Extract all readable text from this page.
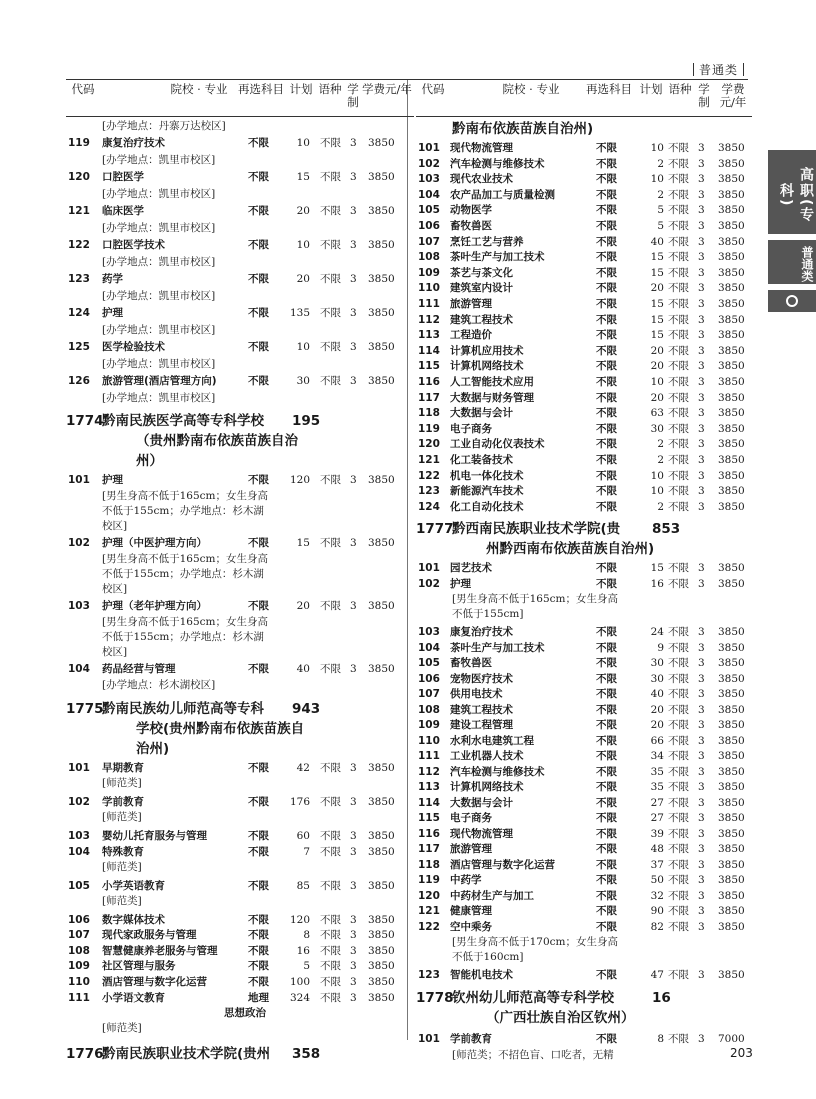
普通类
高职(专科)
普通类
代码	院校 · 专业 再选科目 计划 语种 学制
学费元/年
[办学地点：丹寨万达校区]
119	康复治疗技术	不限	10 不限 3 3850
[办学地点：凯里市校区]
120	口腔医学	不限	15 不限 3 3850
[办学地点：凯里市校区]
121	临床医学	不限	20 不限 3 3850
[办学地点：凯里市校区]
122	口腔医学技术	不限	10 不限 3 3850
[办学地点：凯里市校区]
123	药学	不限	20 不限 3 3850
[办学地点：凯里市校区]
124	护理	不限	135 不限 3 3850
[办学地点：凯里市校区]
125	医学检验技术	不限	10 不限 3 3850
[办学地点：凯里市校区]
126	旅游管理(酒店管理方向)	不限	30 不限 3 3850
[办学地点：凯里市校区]
黔南民族医学高等专科学校
（贵州黔南布依族苗族自治
州）
1774	195
101	护理	不限	120 不限 3 3850
[男生身高不低于165cm；女生身高
不低于155cm；办学地点：杉木湖
校区]
102	护理（中医护理方向）	不限	15 不限 3 3850
[男生身高不低于165cm；女生身高
不低于155cm；办学地点：杉木湖
校区]
103	护理（老年护理方向）	不限	20 不限 3 3850
[男生身高不低于165cm；女生身高
不低于155cm；办学地点：杉木湖
校区]
104	药品经营与管理	不限	40 不限 3 3850
[办学地点：杉木湖校区]
黔南民族幼儿师范高等专科
学校(贵州黔南布依族苗族自
治州)
1775	943
101	早期教育	不限	42 不限 3 3850
[师范类]
102	学前教育	不限	176 不限 3 3850
[师范类]
103	婴幼儿托育服务与管理	不限	60 不限 3 3850
104	特殊教育	不限	7 不限 3 3850
[师范类]
105	小学英语教育	不限	85 不限 3 3850
[师范类]
106	数字媒体技术	不限	120 不限 3 3850
107	现代家政服务与管理	不限	8 不限 3 3850
108	智慧健康养老服务与管理	不限	16 不限 3 3850
109	社区管理与服务	不限	5 不限 3 3850
110	酒店管理与数字化运营	不限	100 不限 3 3850
111	小学语文教育	地理	324 不限 3 3850
思想政治
[师范类]
黔南民族职业技术学院(贵州
1776	358
代码	院校 · 专业	再选科目 计划 语种 学制
学费元/年
黔南布依族苗族自治州)
101 现代物流管理	不限	10 不限 3 3850
102 汽车检测与维修技术	不限	2 不限 3 3850
103 现代农业技术	不限	10 不限 3 3850
104 农产品加工与质量检测	不限	2 不限 3 3850
105 动物医学	不限	5 不限 3 3850
106 畜牧兽医	不限	5 不限 3 3850
107 烹饪工艺与营养	不限	40 不限 3 3850
108 茶叶生产与加工技术	不限	15 不限 3 3850
109 茶艺与茶文化	不限	15 不限 3 3850
110 建筑室内设计	不限	20 不限 3 3850
111 旅游管理	不限	15 不限 3 3850
112 建筑工程技术	不限	15 不限 3 3850
113 工程造价	不限	15 不限 3 3850
114 计算机应用技术	不限	20 不限 3 3850
115 计算机网络技术	不限	20 不限 3 3850
116 人工智能技术应用	不限	10 不限 3 3850
117 大数据与财务管理	不限	20 不限 3 3850
118 大数据与会计	不限	63 不限 3 3850
119 电子商务	不限	30 不限 3 3850
120 工业自动化仪表技术	不限	2 不限 3 3850
121 化工装备技术	不限	2 不限 3 3850
122 机电一体化技术	不限	10 不限 3 3850
123 新能源汽车技术	不限	10 不限 3 3850
124 化工自动化技术	不限	2 不限 3 3850
黔西南民族职业技术学院(贵
州黔西南布依族苗族自治州)
1777	853
101 园艺技术	不限	15 不限 3 3850
102 护理	不限	16 不限 3 3850
[男生身高不低于165cm；女生身高
不低于155cm]
103 康复治疗技术	不限	24 不限 3 3850
104 茶叶生产与加工技术	不限	9 不限 3 3850
105 畜牧兽医	不限	30 不限 3 3850
106 宠物医疗技术	不限	30 不限 3 3850
107 供用电技术	不限	40 不限 3 3850
108 建筑工程技术	不限	20 不限 3 3850
109 建设工程管理	不限	20 不限 3 3850
110 水利水电建筑工程	不限	66 不限 3 3850
111 工业机器人技术	不限	34 不限 3 3850
112 汽车检测与维修技术	不限	35 不限 3 3850
113 计算机网络技术	不限	35 不限 3 3850
114 大数据与会计	不限	27 不限 3 3850
115 电子商务	不限	27 不限 3 3850
116 现代物流管理	不限	39 不限 3 3850
117 旅游管理	不限	48 不限 3 3850
118 酒店管理与数字化运营	不限	37 不限 3 3850
119 中药学	不限	50 不限 3 3850
120 中药材生产与加工	不限	32 不限 3 3850
121 健康管理	不限	90 不限 3 3850
122 空中乘务	不限	82 不限 3 3850
[男生身高不低于170cm；女生身高
不低于160cm]
123 智能机电技术	不限	47 不限 3 3850
钦州幼儿师范高等专科学校
（广西壮族自治区钦州）
1778	16
101 学前教育	不限	8 不限 3 7000
[师范类；不招色盲、口吃者，无精	203
